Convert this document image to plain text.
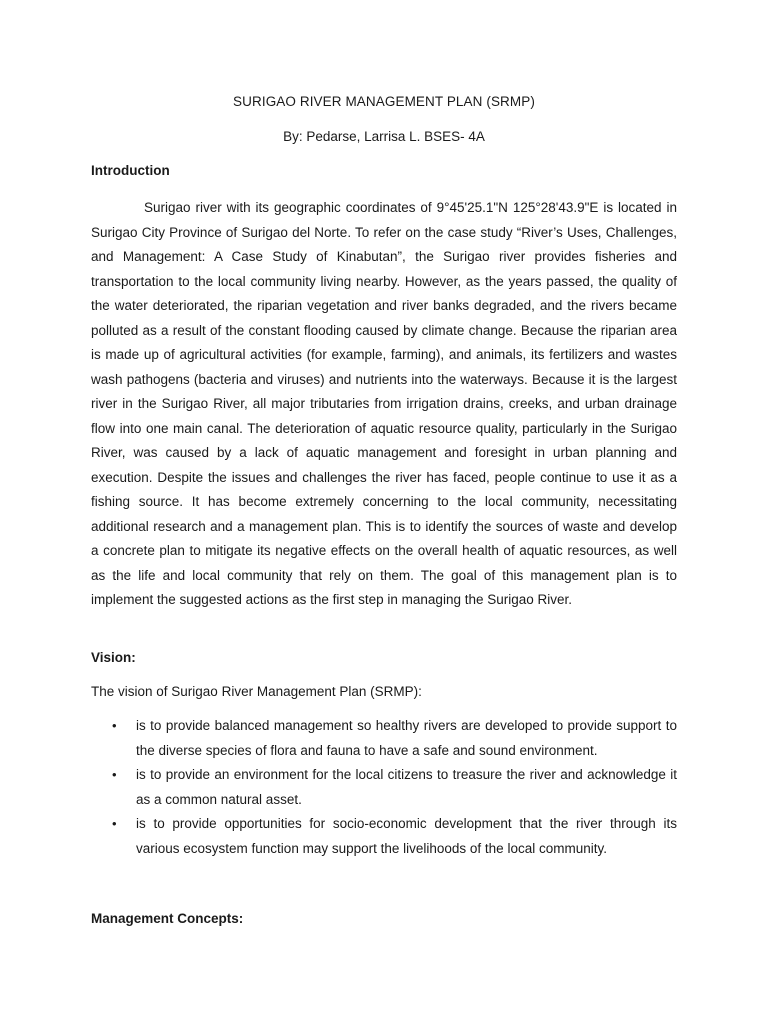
SURIGAO RIVER MANAGEMENT PLAN (SRMP)
By: Pedarse, Larrisa L. BSES- 4A
Introduction

Surigao river with its geographic coordinates of 9°45'25.1"N 125°28'43.9"E is located in Surigao City Province of Surigao del Norte. To refer on the case study “River’s Uses, Challenges, and Management: A Case Study of Kinabutan”, the Surigao river provides fisheries and transportation to the local community living nearby. However, as the years passed, the quality of the water deteriorated, the riparian vegetation and river banks degraded, and the rivers became polluted as a result of the constant flooding caused by climate change. Because the riparian area is made up of agricultural activities (for example, farming), and animals, its fertilizers and wastes wash pathogens (bacteria and viruses) and nutrients into the waterways. Because it is the largest river in the Surigao River, all major tributaries from irrigation drains, creeks, and urban drainage flow into one main canal. The deterioration of aquatic resource quality, particularly in the Surigao River, was caused by a lack of aquatic management and foresight in urban planning and execution. Despite the issues and challenges the river has faced, people continue to use it as a fishing source. It has become extremely concerning to the local community, necessitating additional research and a management plan. This is to identify the sources of waste and develop a concrete plan to mitigate its negative effects on the overall health of aquatic resources, as well as the life and local community that rely on them. The goal of this management plan is to implement the suggested actions as the first step in managing the Surigao River.

Vision:

The vision of Surigao River Management Plan (SRMP):

• is to provide balanced management so healthy rivers are developed to provide support to the diverse species of flora and fauna to have a safe and sound environment.
• is to provide an environment for the local citizens to treasure the river and acknowledge it as a common natural asset.
• is to provide opportunities for socio-economic development that the river through its various ecosystem function may support the livelihoods of the local community.
Management Concepts:
